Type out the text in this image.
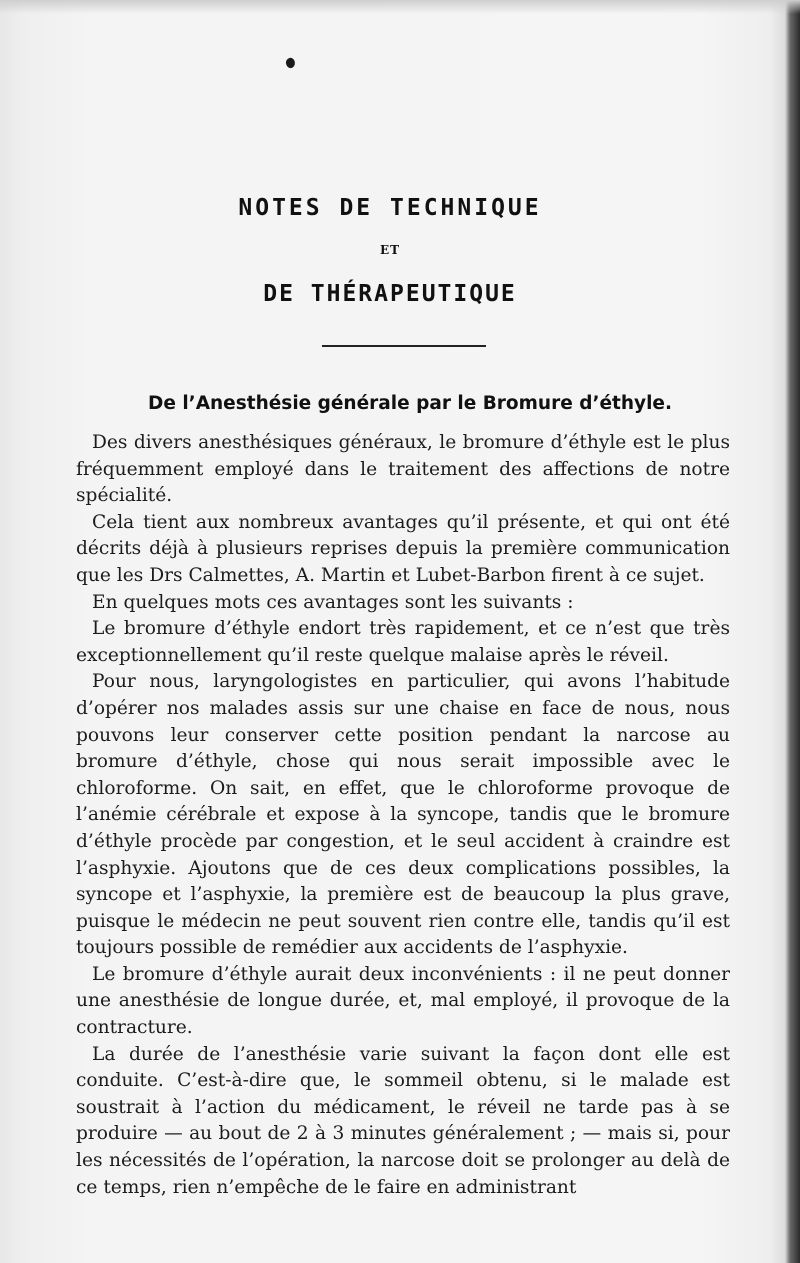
NOTES DE TECHNIQUE
ET
DE THÉRAPEUTIQUE
De l’Anesthésie générale par le Bromure d’éthyle.

Des divers anesthésiques généraux, le bromure d’éthyle est le plus fréquemment employé dans le traitement des affections de notre spécialité.

Cela tient aux nombreux avantages qu’il présente, et qui ont été décrits déjà à plusieurs reprises depuis la première communication que les Drs Calmettes, A. Martin et Lubet-Barbon firent à ce sujet.

En quelques mots ces avantages sont les suivants :

Le bromure d’éthyle endort très rapidement, et ce n’est que très exceptionnellement qu’il reste quelque malaise après le réveil.

Pour nous, laryngologistes en particulier, qui avons l’habitude d’opérer nos malades assis sur une chaise en face de nous, nous pouvons leur conserver cette position pendant la narcose au bromure d’éthyle, chose qui nous serait impossible avec le chloroforme. On sait, en effet, que le chloroforme provoque de l’anémie cérébrale et expose à la syncope, tandis que le bromure d’éthyle procède par congestion, et le seul accident à craindre est l’asphyxie. Ajoutons que de ces deux complications possibles, la syncope et l’asphyxie, la première est de beaucoup la plus grave, puisque le médecin ne peut souvent rien contre elle, tandis qu’il est toujours possible de remédier aux accidents de l’asphyxie.

Le bromure d’éthyle aurait deux inconvénients : il ne peut donner une anesthésie de longue durée, et, mal employé, il provoque de la contracture.

La durée de l’anesthésie varie suivant la façon dont elle est conduite. C’est-à-dire que, le sommeil obtenu, si le malade est soustrait à l’action du médicament, le réveil ne tarde pas à se produire — au bout de 2 à 3 minutes généralement ; — mais si, pour les nécessités de l’opération, la narcose doit se prolonger au delà de ce temps, rien n’empêche de le faire en administrant
